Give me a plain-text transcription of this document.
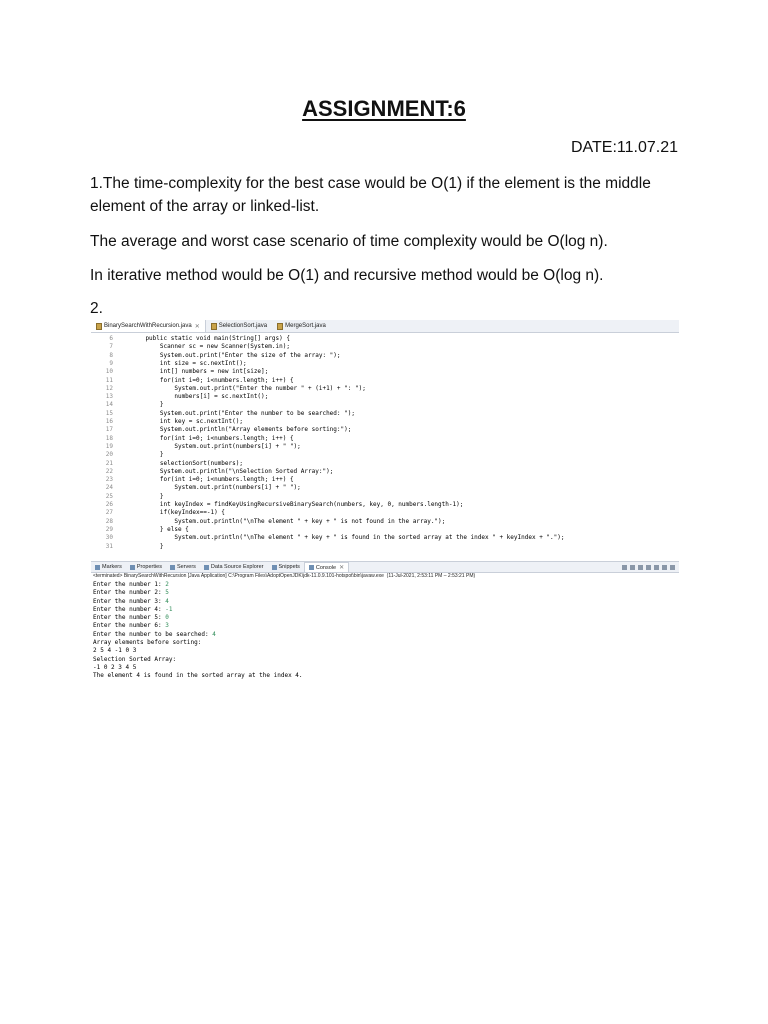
ASSIGNMENT:6
DATE:11.07.21
1.The time-complexity for the best case would be O(1) if the element is the middle element of the array or linked-list.
The average and worst case scenario of time complexity would be O(log n).
In iterative method would be O(1) and recursive method would be O(log n).
2.
BinarySearchWithRecursion.java ✕	SelectionSort.java	MergeSort.java
6	public static void main(String[] args) {
7	Scanner sc = new Scanner(System.in);
8	System.out.print("Enter the size of the array: ");
9	int size = sc.nextInt();
10	int[] numbers = new int[size];
11	for(int i=0; i<numbers.length; i++) {
12	System.out.print("Enter the number " + (i+1) + ": ");
13	numbers[i] = sc.nextInt();
14	}
15	System.out.print("Enter the number to be searched: ");
16	int key = sc.nextInt();
17	System.out.println("Array elements before sorting:");
18	for(int i=0; i<numbers.length; i++) {
19	System.out.print(numbers[i] + " ");
20	}
21	selectionSort(numbers);
22	System.out.println("\nSelection Sorted Array:");
23	for(int i=0; i<numbers.length; i++) {
24	System.out.print(numbers[i] + " ");
25	}
26	int keyIndex = findKeyUsingRecursiveBinarySearch(numbers, key, 0, numbers.length-1);
27	if(keyIndex==-1) {
28	System.out.println("\nThe element " + key + " is not found in the array.");
29	} else {
30	System.out.println("\nThe element " + key + " is found in the sorted array at the index " + keyIndex + ".");
31	}
Markers	Properties	Servers	Data Source Explorer	Snippets	Console ✕
<terminated> BinarySearchWithRecursion [Java Application] C:\Program Files\AdoptOpenJDK\jdk-11.0.9.101-hotspot\bin\javaw.exe  (11-Jul-2021, 2:53:11 PM – 2:53:21 PM)
Enter the number 1: 2
Enter the number 2: 5
Enter the number 3: 4
Enter the number 4: -1
Enter the number 5: 0
Enter the number 6: 3
Enter the number to be searched: 4
Array elements before sorting:
2 5 4 -1 0 3
Selection Sorted Array:
-1 0 2 3 4 5
The element 4 is found in the sorted array at the index 4.
